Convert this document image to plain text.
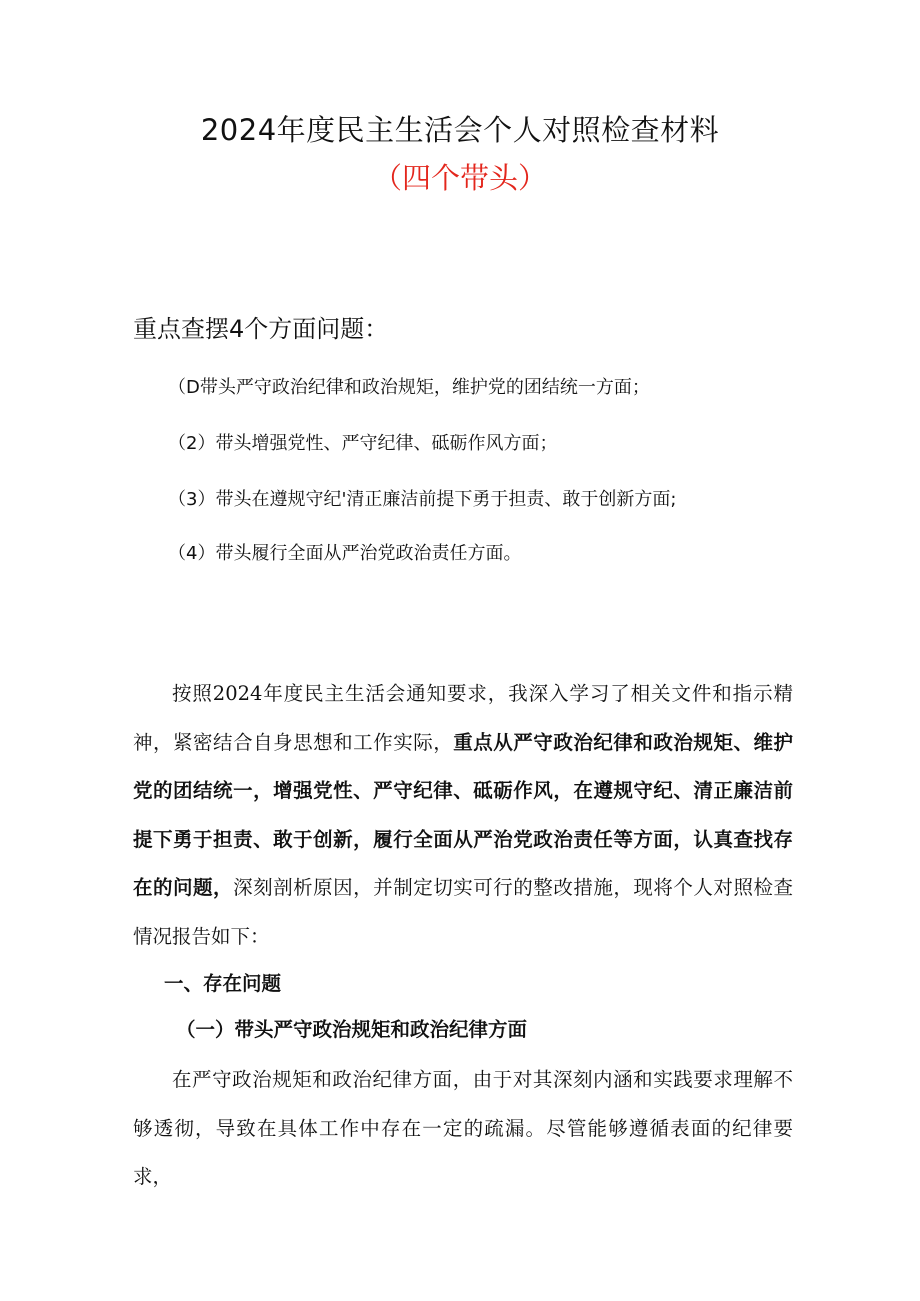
2024年度民主生活会个人对照检查材料
（四个带头）
重点查摆4个方面问题：
（D带头严守政治纪律和政治规矩，维护党的团结统一方面；
（2）带头增强党性、严守纪律、砥砺作风方面；
（3）带头在遵规守纪'清正廉洁前提下勇于担责、敢于创新方面;
（4）带头履行全面从严治党政治责任方面。

按照2024年度民主生活会通知要求，我深入学习了相关文件和指示精神，紧密结合自身思想和工作实际，重点从严守政治纪律和政治规矩、维护党的团结统一，增强党性、严守纪律、砥砺作风，在遵规守纪、清正廉洁前提下勇于担责、敢于创新，履行全面从严治党政治责任等方面，认真查找存在的问题，深刻剖析原因，并制定切实可行的整改措施，现将个人对照检查情况报告如下：

一、存在问题
（一）带头严守政治规矩和政治纪律方面

在严守政治规矩和政治纪律方面，由于对其深刻内涵和实践要求理解不够透彻，导致在具体工作中存在一定的疏漏。尽管能够遵循表面的纪律要求，
